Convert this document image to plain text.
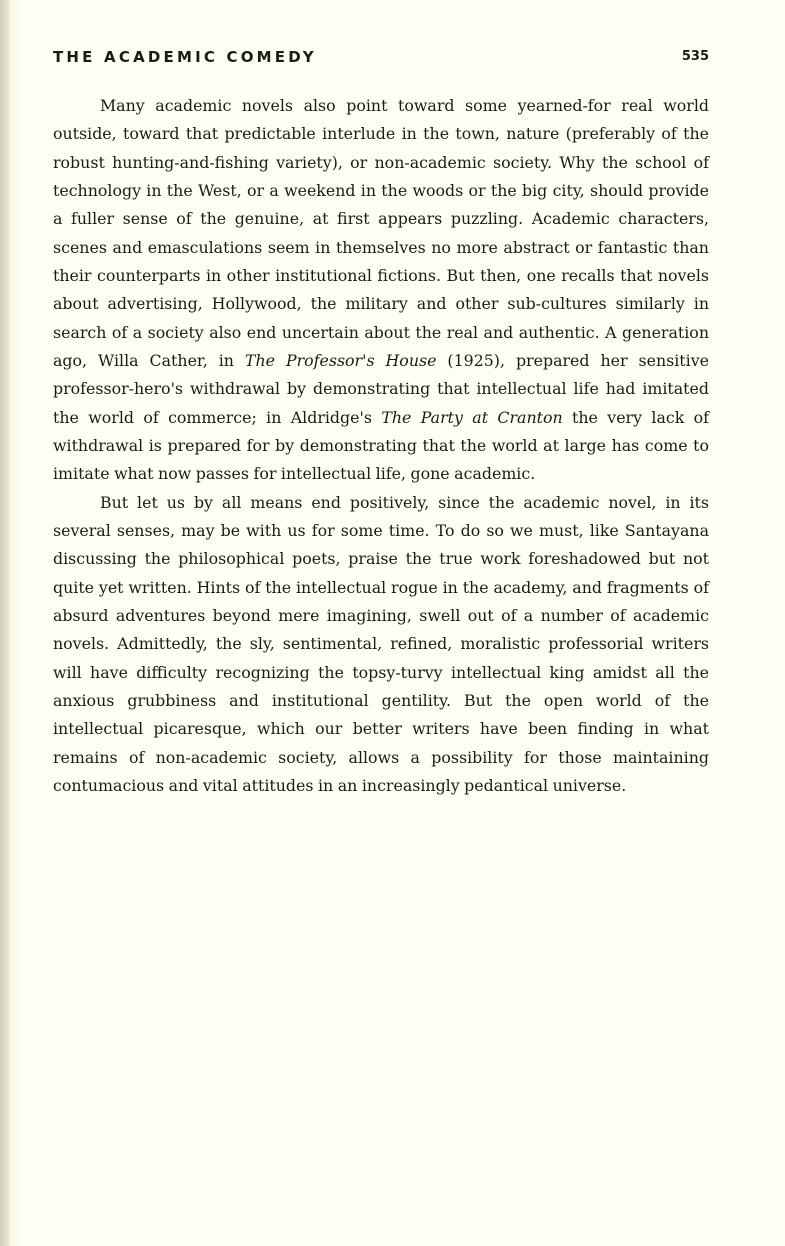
THE ACADEMIC COMEDY	535

Many academic novels also point toward some yearned-for real world outside, toward that predictable interlude in the town, nature (preferably of the robust hunting-and-fishing variety), or non-academic society. Why the school of technology in the West, or a weekend in the woods or the big city, should provide a fuller sense of the genuine, at first appears puzzling. Academic characters, scenes and emasculations seem in themselves no more abstract or fantastic than their counterparts in other institutional fictions. But then, one recalls that novels about advertising, Hollywood, the military and other sub-cultures similarly in search of a society also end uncertain about the real and authentic. A generation ago, Willa Cather, in The Professor's House (1925), prepared her sensitive professor-hero's withdrawal by demonstrating that intellectual life had imitated the world of commerce; in Aldridge's The Party at Cranton the very lack of withdrawal is prepared for by demonstrating that the world at large has come to imitate what now passes for intellectual life, gone academic.

But let us by all means end positively, since the academic novel, in its several senses, may be with us for some time. To do so we must, like Santayana discussing the philosophical poets, praise the true work foreshadowed but not quite yet written. Hints of the intellectual rogue in the academy, and fragments of absurd adventures beyond mere imagining, swell out of a number of academic novels. Admittedly, the sly, sentimental, refined, moralistic professorial writers will have difficulty recognizing the topsy-turvy intellectual king amidst all the anxious grubbiness and institutional gentility. But the open world of the intellectual picaresque, which our better writers have been finding in what remains of non-academic society, allows a possibility for those maintaining contumacious and vital attitudes in an increasingly pedantical universe.
